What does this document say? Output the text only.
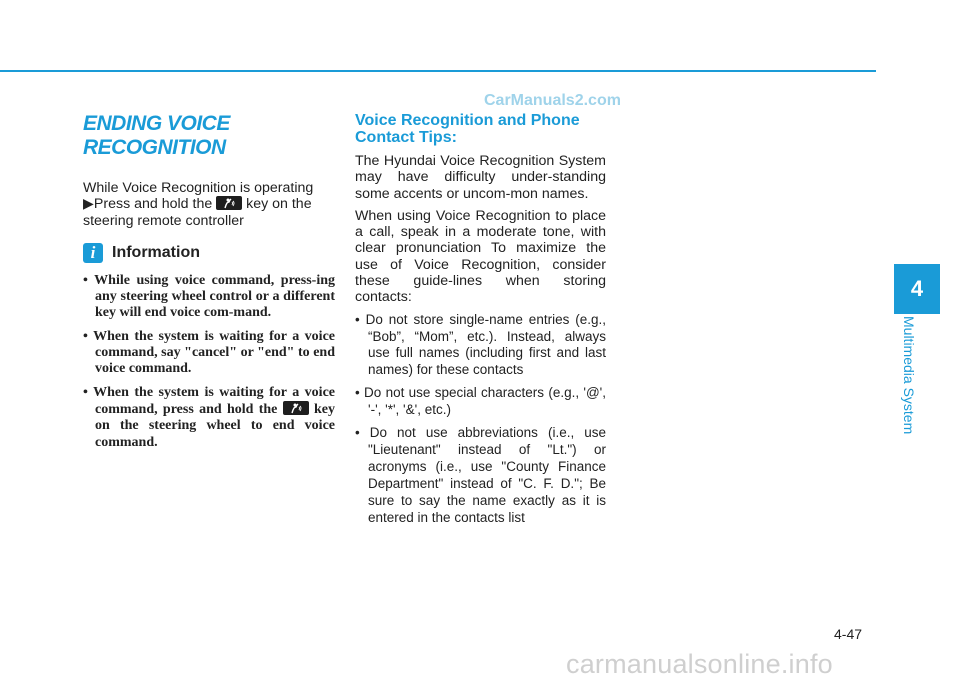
CarManuals2.com
ENDING VOICE RECOGNITION

While Voice Recognition is operating
▶Press and hold the
key on the
steering remote controller

i	Information
• While using voice command, press-ing any steering wheel control or a different key will end voice com-mand.
• When the system is waiting for a voice command, say "cancel" or "end" to end voice command.
• When the system is waiting for a voice command, press and hold the
key on the steering wheel to end voice command.
Voice Recognition and Phone Contact Tips:

The Hyundai Voice Recognition System may have difficulty under-standing some accents or uncom-mon names.

When using Voice Recognition to place a call, speak in a moderate tone, with clear pronunciation To maximize the use of Voice Recognition, consider these guide-lines when storing contacts:

• Do not store single-name entries (e.g., “Bob”, “Mom”, etc.). Instead, always use full names (including first and last names) for these contacts
• Do not use special characters (e.g., '@', '-', '*', '&', etc.)
• Do not use abbreviations (i.e., use "Lieutenant" instead of "Lt.") or acronyms (i.e., use "County Finance Department" instead of "C. F. D."; Be sure to say the name exactly as it is entered in the contacts list
4
Multimedia System
4-47
carmanualsonline.info
